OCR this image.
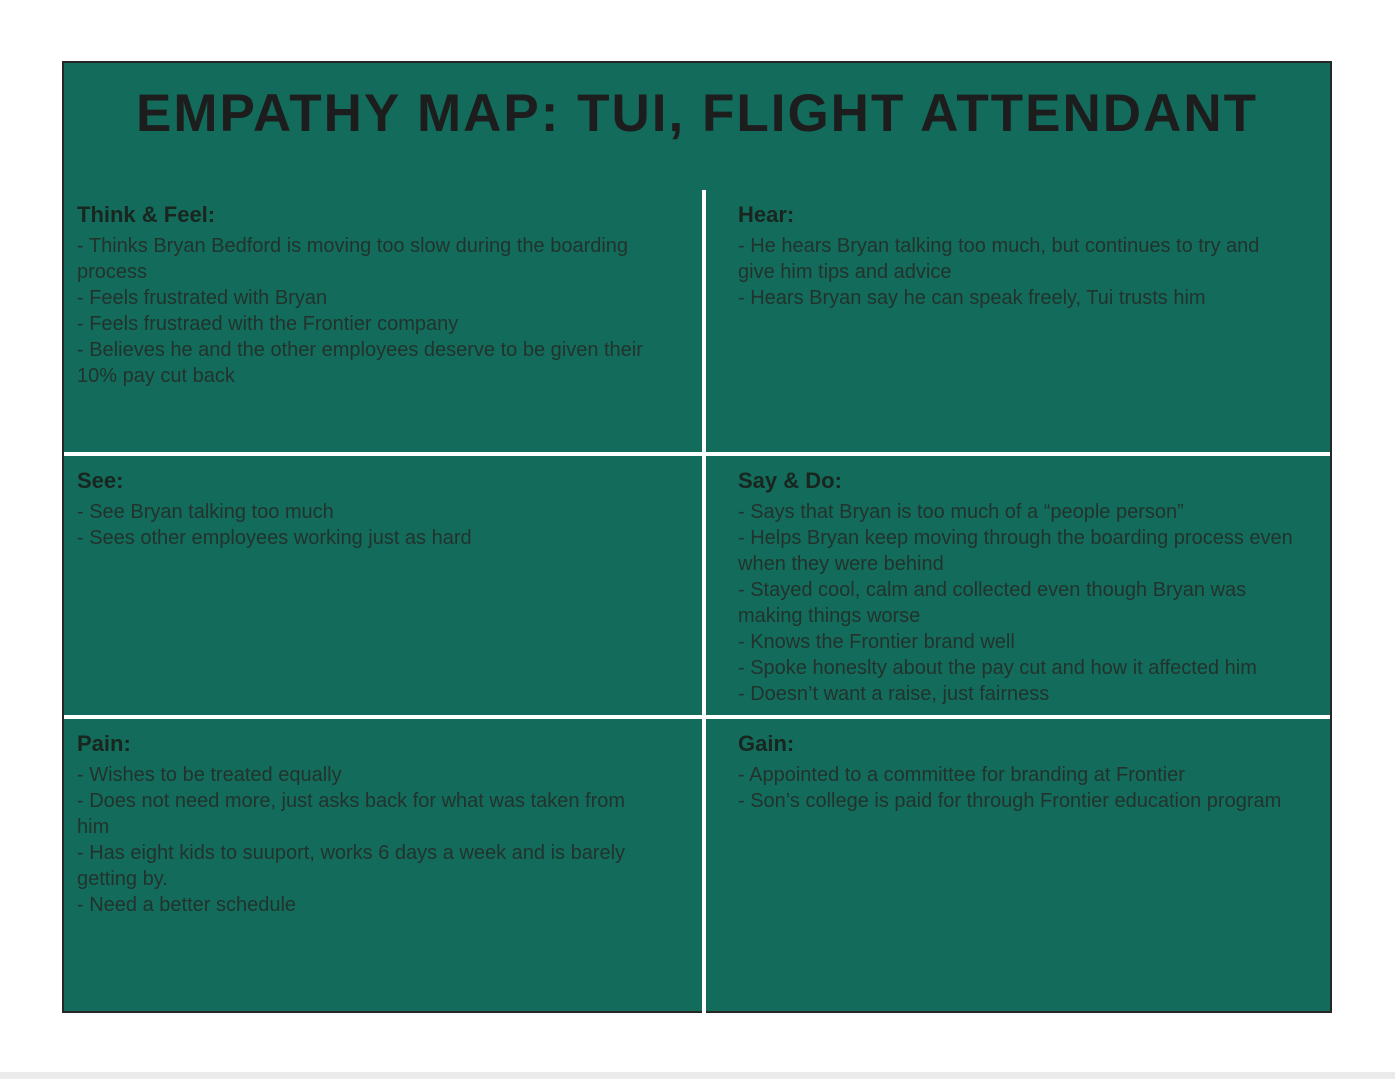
EMPATHY MAP: TUI, FLIGHT ATTENDANT
Think & Feel:
- Thinks Bryan Bedford is moving too slow during the boarding process
- Feels frustrated with Bryan
- Feels frustraed with the Frontier company
- Believes he and the other employees deserve to be given their 10% pay cut back
Hear:
- He hears Bryan talking too much, but continues to try and give him tips and advice
- Hears Bryan say he can speak freely, Tui trusts him
See:
- See Bryan talking too much
- Sees other employees working just as hard
Say & Do:
- Says that Bryan is too much of a “people person”
- Helps Bryan keep moving through the boarding process even when they were behind
- Stayed cool, calm and collected even though Bryan was making things worse
- Knows the Frontier brand well
- Spoke honeslty about the pay cut and how it affected him
- Doesn’t want a raise, just fairness
Pain:
- Wishes to be treated equally
- Does not need more, just asks back for what was taken from him
- Has eight kids to suuport, works 6 days a week and is barely getting by.
- Need a better schedule
Gain:
- Appointed to a committee for branding at Frontier
- Son’s college is paid for through Frontier education program
